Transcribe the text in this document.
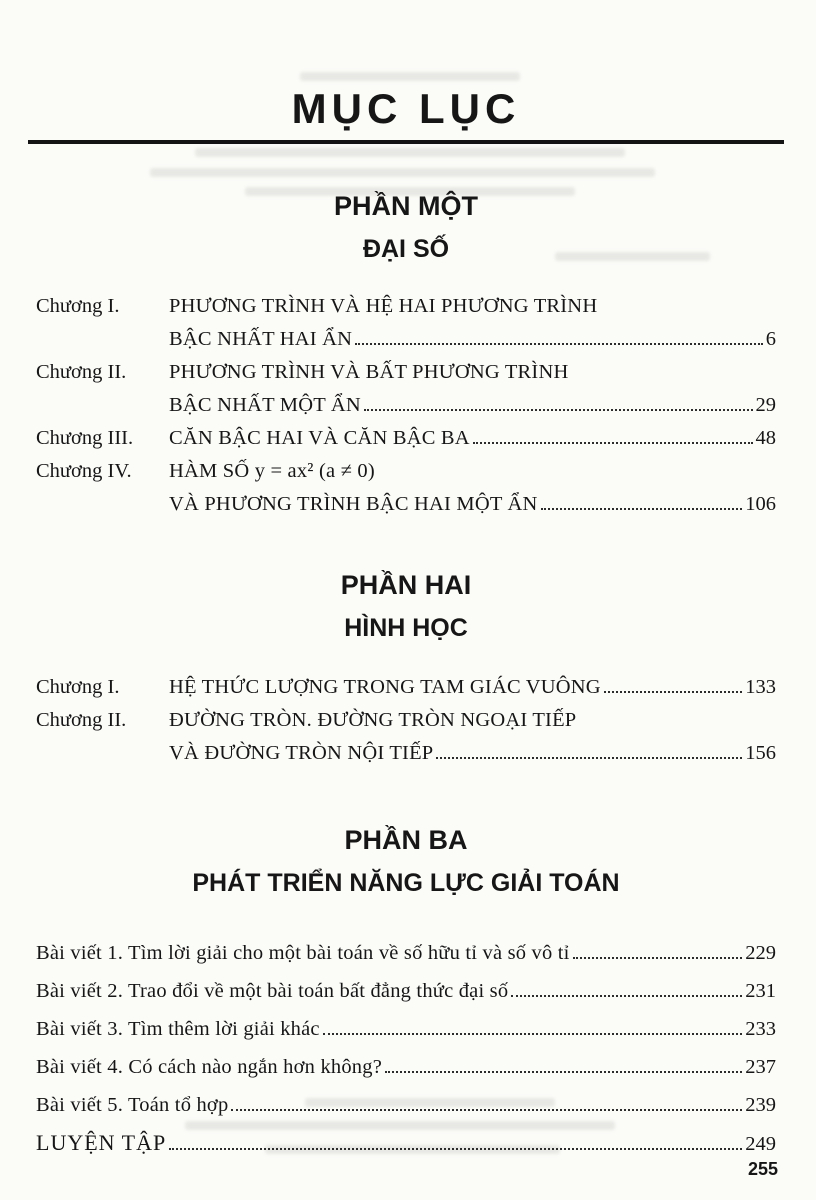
MỤC LỤC
PHẦN MỘT
ĐẠI SỐ
Chương I.	PHƯƠNG TRÌNH VÀ HỆ HAI PHƯƠNG TRÌNH
BẬC NHẤT HAI ẨN	6
Chương II.	PHƯƠNG TRÌNH VÀ BẤT PHƯƠNG TRÌNH
BẬC NHẤT MỘT ẨN	29
Chương III.	CĂN BẬC HAI VÀ CĂN BẬC BA	48
Chương IV.	HÀM SỐ y = ax² (a ≠ 0)
VÀ PHƯƠNG TRÌNH BẬC HAI MỘT ẨN	106
PHẦN HAI
HÌNH HỌC
Chương I.	HỆ THỨC LƯỢNG TRONG TAM GIÁC VUÔNG	133
Chương II.	ĐƯỜNG TRÒN. ĐƯỜNG TRÒN NGOẠI TIẾP
VÀ ĐƯỜNG TRÒN NỘI TIẾP	156
PHẦN BA
PHÁT TRIỂN NĂNG LỰC GIẢI TOÁN
Bài viết 1. Tìm lời giải cho một bài toán về số hữu tỉ và số vô tỉ	229
Bài viết 2. Trao đổi về một bài toán bất đẳng thức đại số	231
Bài viết 3. Tìm thêm lời giải khác	233
Bài viết 4. Có cách nào ngắn hơn không?	237
Bài viết 5. Toán tổ hợp	239
LUYỆN TẬP	249
255
